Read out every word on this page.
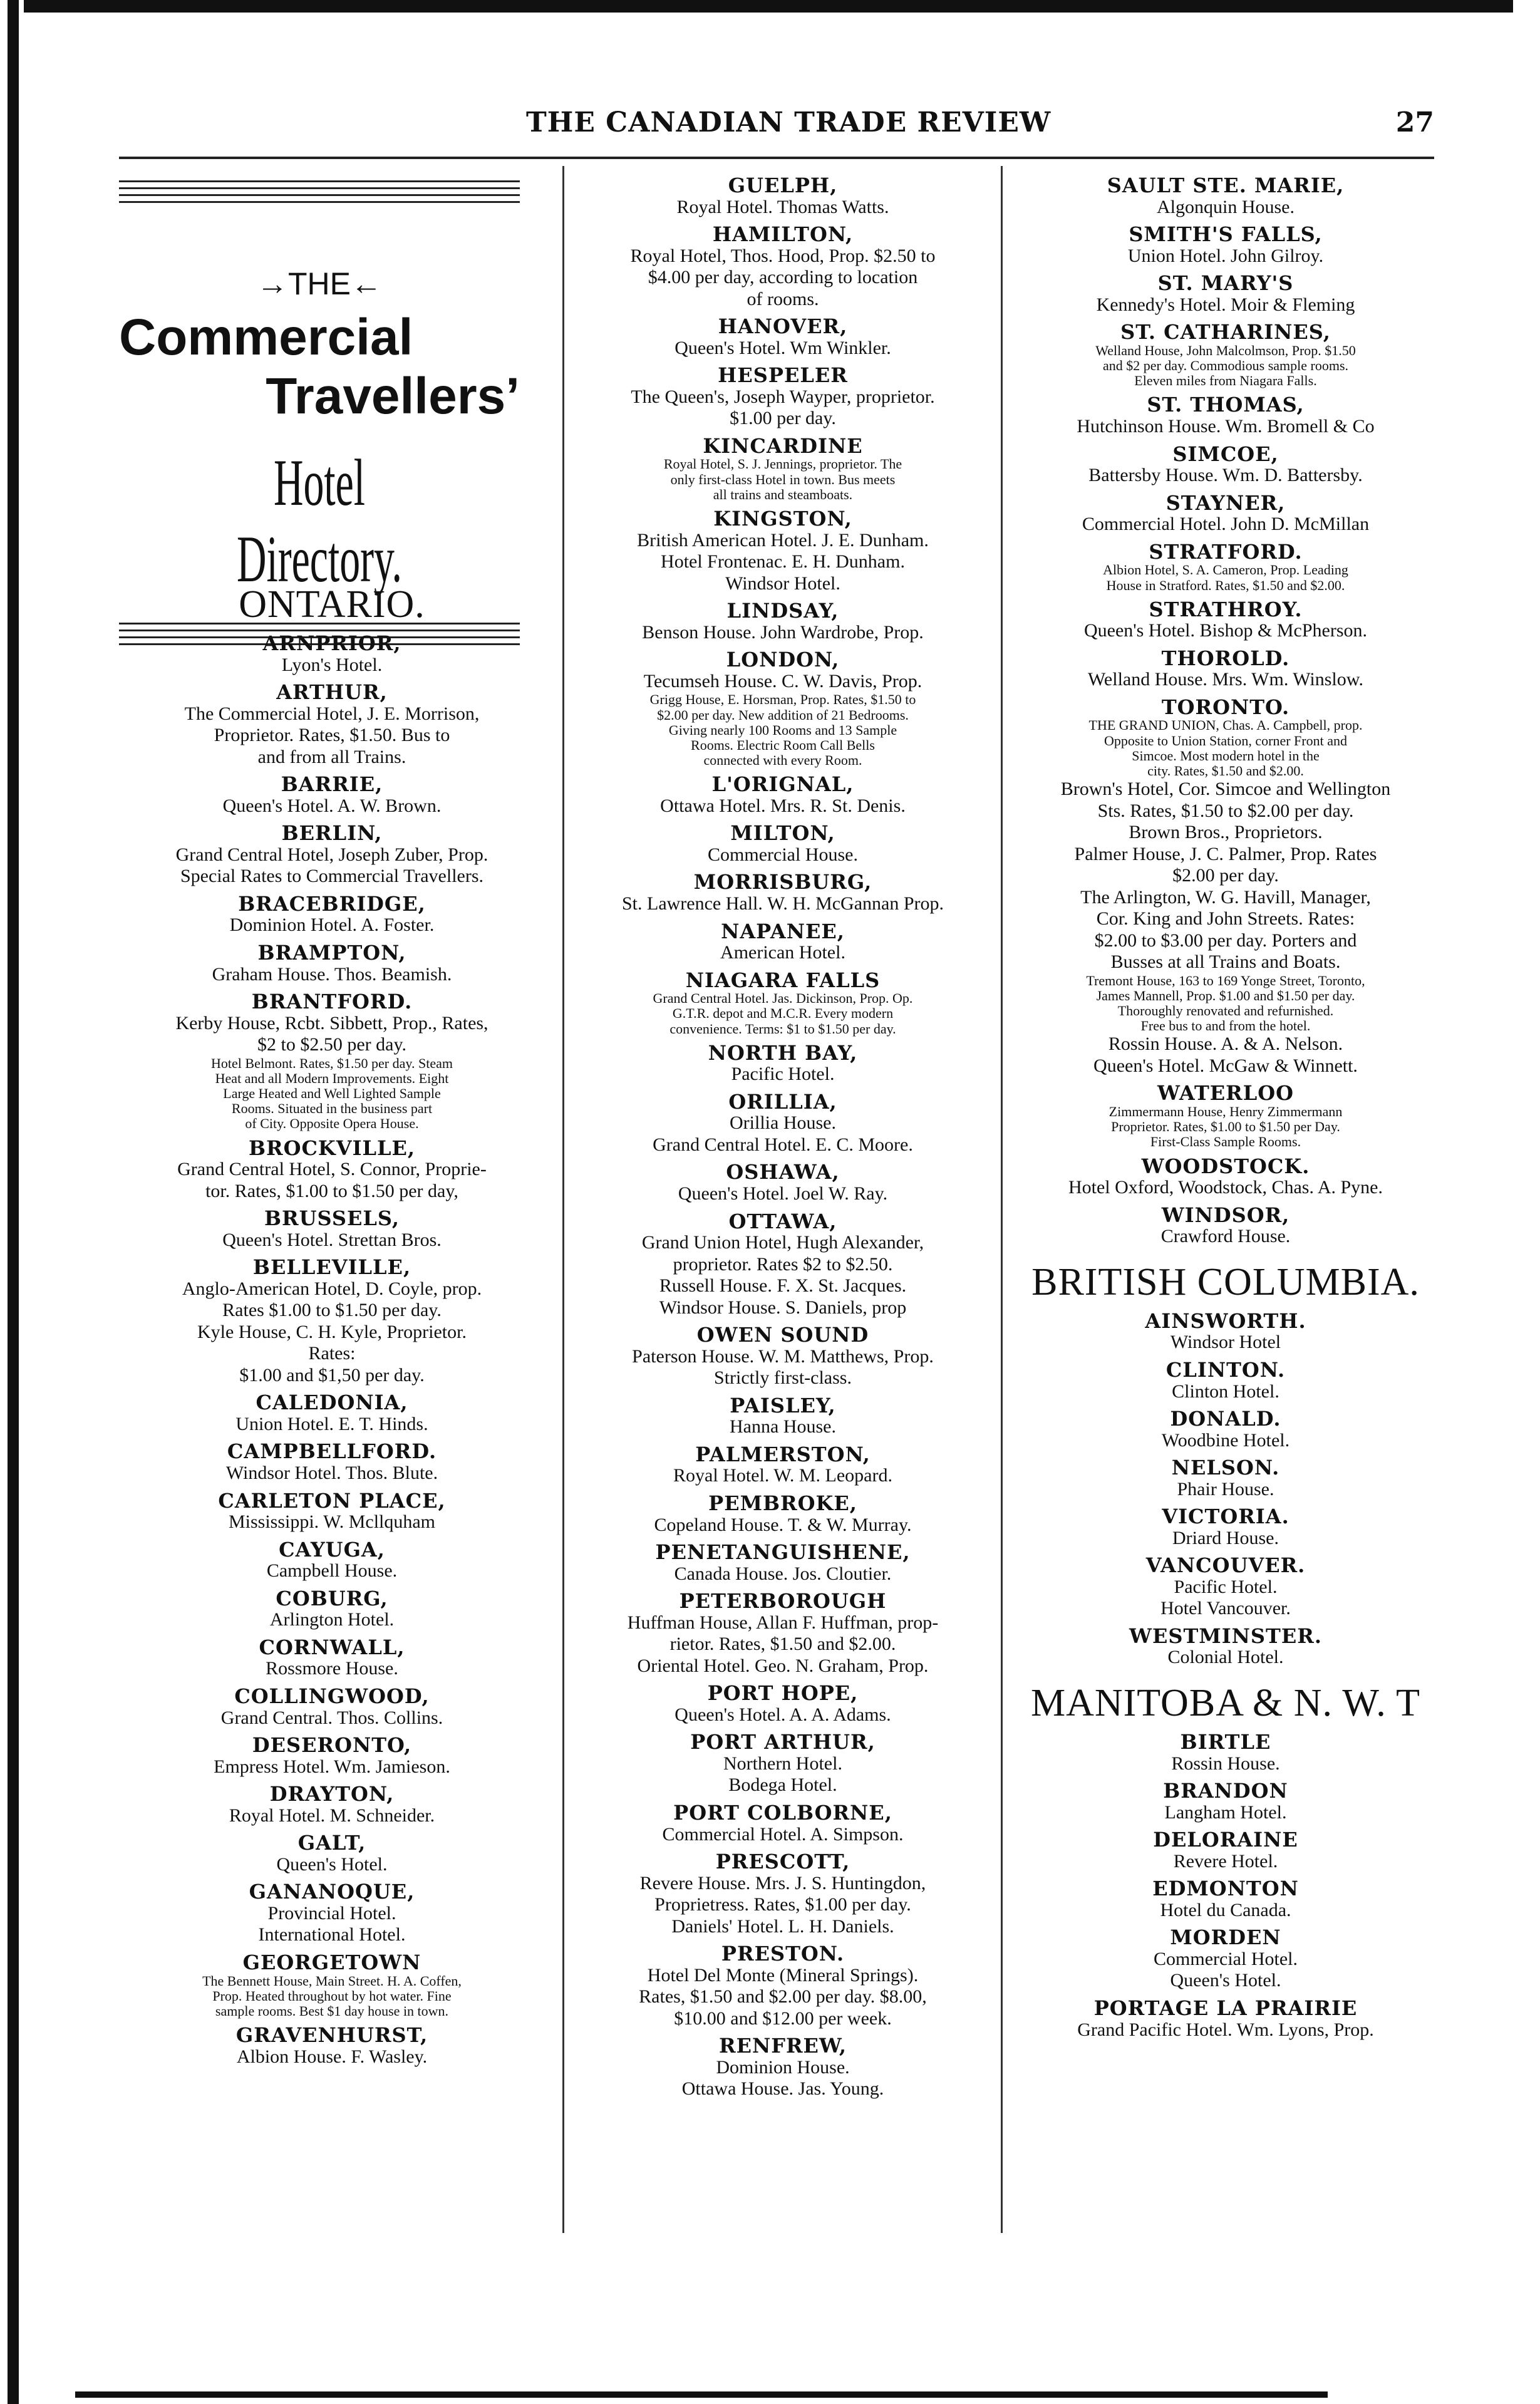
THE CANADIAN TRADE REVIEW	27
→THE←
Commercial
Travellers’
Hotel Directory.
ONTARIO.
ARNPRIOR,
Lyon's Hotel.
ARTHUR,
The Commercial Hotel, J. E. Morrison,
Proprietor. Rates, $1.50. Bus to
and from all Trains.
BARRIE,
Queen's Hotel. A. W. Brown.
BERLIN,
Grand Central Hotel, Joseph Zuber, Prop.
Special Rates to Commercial Travellers.
BRACEBRIDGE,
Dominion Hotel. A. Foster.
BRAMPTON,
Graham House. Thos. Beamish.
BRANTFORD.
Kerby House, Rcbt. Sibbett, Prop., Rates,
$2 to $2.50 per day.
Hotel Belmont. Rates, $1.50 per day. Steam
Heat and all Modern Improvements. Eight
Large Heated and Well Lighted Sample
Rooms. Situated in the business part
of City. Opposite Opera House.
BROCKVILLE,
Grand Central Hotel, S. Connor, Proprie-
tor. Rates, $1.00 to $1.50 per day,
BRUSSELS,
Queen's Hotel. Strettan Bros.
BELLEVILLE,
Anglo-American Hotel, D. Coyle, prop.
Rates $1.00 to $1.50 per day.
Kyle House, C. H. Kyle, Proprietor.
Rates:
$1.00 and $1,50 per day.
CALEDONIA,
Union Hotel. E. T. Hinds.
CAMPBELLFORD.
Windsor Hotel. Thos. Blute.
CARLETON PLACE,
Mississippi. W. Mcllquham
CAYUGA,
Campbell House.
COBURG,
Arlington Hotel.
CORNWALL,
Rossmore House.
COLLINGWOOD,
Grand Central. Thos. Collins.
DESERONTO,
Empress Hotel. Wm. Jamieson.
DRAYTON,
Royal Hotel. M. Schneider.
GALT,
Queen's Hotel.
GANANOQUE,
Provincial Hotel.
International Hotel.
GEORGETOWN
The Bennett House, Main Street. H. A. Coffen,
Prop. Heated throughout by hot water. Fine
sample rooms. Best $1 day house in town.
GRAVENHURST,
Albion House. F. Wasley.
GUELPH,
Royal Hotel. Thomas Watts.
HAMILTON,
Royal Hotel, Thos. Hood, Prop. $2.50 to
$4.00 per day, according to location
of rooms.
HANOVER,
Queen's Hotel. Wm Winkler.
HESPELER
The Queen's, Joseph Wayper, proprietor.
$1.00 per day.
KINCARDINE
Royal Hotel, S. J. Jennings, proprietor. The
only first-class Hotel in town. Bus meets
all trains and steamboats.
KINGSTON,
British American Hotel. J. E. Dunham.
Hotel Frontenac. E. H. Dunham.
Windsor Hotel.
LINDSAY,
Benson House. John Wardrobe, Prop.
LONDON,
Tecumseh House. C. W. Davis, Prop.
Grigg House, E. Horsman, Prop. Rates, $1.50 to
$2.00 per day. New addition of 21 Bedrooms.
Giving nearly 100 Rooms and 13 Sample
Rooms. Electric Room Call Bells
connected with every Room.
L'ORIGNAL,
Ottawa Hotel. Mrs. R. St. Denis.
MILTON,
Commercial House.
MORRISBURG,
St. Lawrence Hall. W. H. McGannan Prop.
NAPANEE,
American Hotel.
NIAGARA FALLS
Grand Central Hotel. Jas. Dickinson, Prop. Op.
G.T.R. depot and M.C.R. Every modern
convenience. Terms: $1 to $1.50 per day.
NORTH BAY,
Pacific Hotel.
ORILLIA,
Orillia House.
Grand Central Hotel. E. C. Moore.
OSHAWA,
Queen's Hotel. Joel W. Ray.
OTTAWA,
Grand Union Hotel, Hugh Alexander,
proprietor. Rates $2 to $2.50.
Russell House. F. X. St. Jacques.
Windsor House. S. Daniels, prop
OWEN SOUND
Paterson House. W. M. Matthews, Prop.
Strictly first-class.
PAISLEY,
Hanna House.
PALMERSTON,
Royal Hotel. W. M. Leopard.
PEMBROKE,
Copeland House. T. & W. Murray.
PENETANGUISHENE,
Canada House. Jos. Cloutier.
PETERBOROUGH
Huffman House, Allan F. Huffman, prop-
rietor. Rates, $1.50 and $2.00.
Oriental Hotel. Geo. N. Graham, Prop.
PORT HOPE,
Queen's Hotel. A. A. Adams.
PORT ARTHUR,
Northern Hotel.
Bodega Hotel.
PORT COLBORNE,
Commercial Hotel. A. Simpson.
PRESCOTT,
Revere House. Mrs. J. S. Huntingdon,
Proprietress. Rates, $1.00 per day.
Daniels' Hotel. L. H. Daniels.
PRESTON.
Hotel Del Monte (Mineral Springs).
Rates, $1.50 and $2.00 per day. $8.00,
$10.00 and $12.00 per week.
RENFREW,
Dominion House.
Ottawa House. Jas. Young.
SAULT STE. MARIE,
Algonquin House.
SMITH'S FALLS,
Union Hotel. John Gilroy.
ST. MARY'S
Kennedy's Hotel. Moir & Fleming
ST. CATHARINES,
Welland House, John Malcolmson, Prop. $1.50
and $2 per day. Commodious sample rooms.
Eleven miles from Niagara Falls.
ST. THOMAS,
Hutchinson House. Wm. Bromell & Co
SIMCOE,
Battersby House. Wm. D. Battersby.
STAYNER,
Commercial Hotel. John D. McMillan
STRATFORD.
Albion Hotel, S. A. Cameron, Prop. Leading
House in Stratford. Rates, $1.50 and $2.00.
STRATHROY.
Queen's Hotel. Bishop & McPherson.
THOROLD.
Welland House. Mrs. Wm. Winslow.
TORONTO.
THE GRAND UNION, Chas. A. Campbell, prop.
Opposite to Union Station, corner Front and
Simcoe. Most modern hotel in the
city. Rates, $1.50 and $2.00.
Brown's Hotel, Cor. Simcoe and Wellington
Sts. Rates, $1.50 to $2.00 per day.
Brown Bros., Proprietors.
Palmer House, J. C. Palmer, Prop. Rates
$2.00 per day.
The Arlington, W. G. Havill, Manager,
Cor. King and John Streets. Rates:
$2.00 to $3.00 per day. Porters and
Busses at all Trains and Boats.
Tremont House, 163 to 169 Yonge Street, Toronto,
James Mannell, Prop. $1.00 and $1.50 per day.
Thoroughly renovated and refurnished.
Free bus to and from the hotel.
Rossin House. A. & A. Nelson.
Queen's Hotel. McGaw & Winnett.
WATERLOO
Zimmermann House, Henry Zimmermann
Proprietor. Rates, $1.00 to $1.50 per Day.
First-Class Sample Rooms.
WOODSTOCK.
Hotel Oxford, Woodstock, Chas. A. Pyne.
WINDSOR,
Crawford House.
BRITISH COLUMBIA.
AINSWORTH.
Windsor Hotel
CLINTON.
Clinton Hotel.
DONALD.
Woodbine Hotel.
NELSON.
Phair House.
VICTORIA.
Driard House.
VANCOUVER.
Pacific Hotel.
Hotel Vancouver.
WESTMINSTER.
Colonial Hotel.
MANITOBA & N. W. T
BIRTLE
Rossin House.
BRANDON
Langham Hotel.
DELORAINE
Revere Hotel.
EDMONTON
Hotel du Canada.
MORDEN
Commercial Hotel.
Queen's Hotel.
PORTAGE LA PRAIRIE
Grand Pacific Hotel. Wm. Lyons, Prop.
